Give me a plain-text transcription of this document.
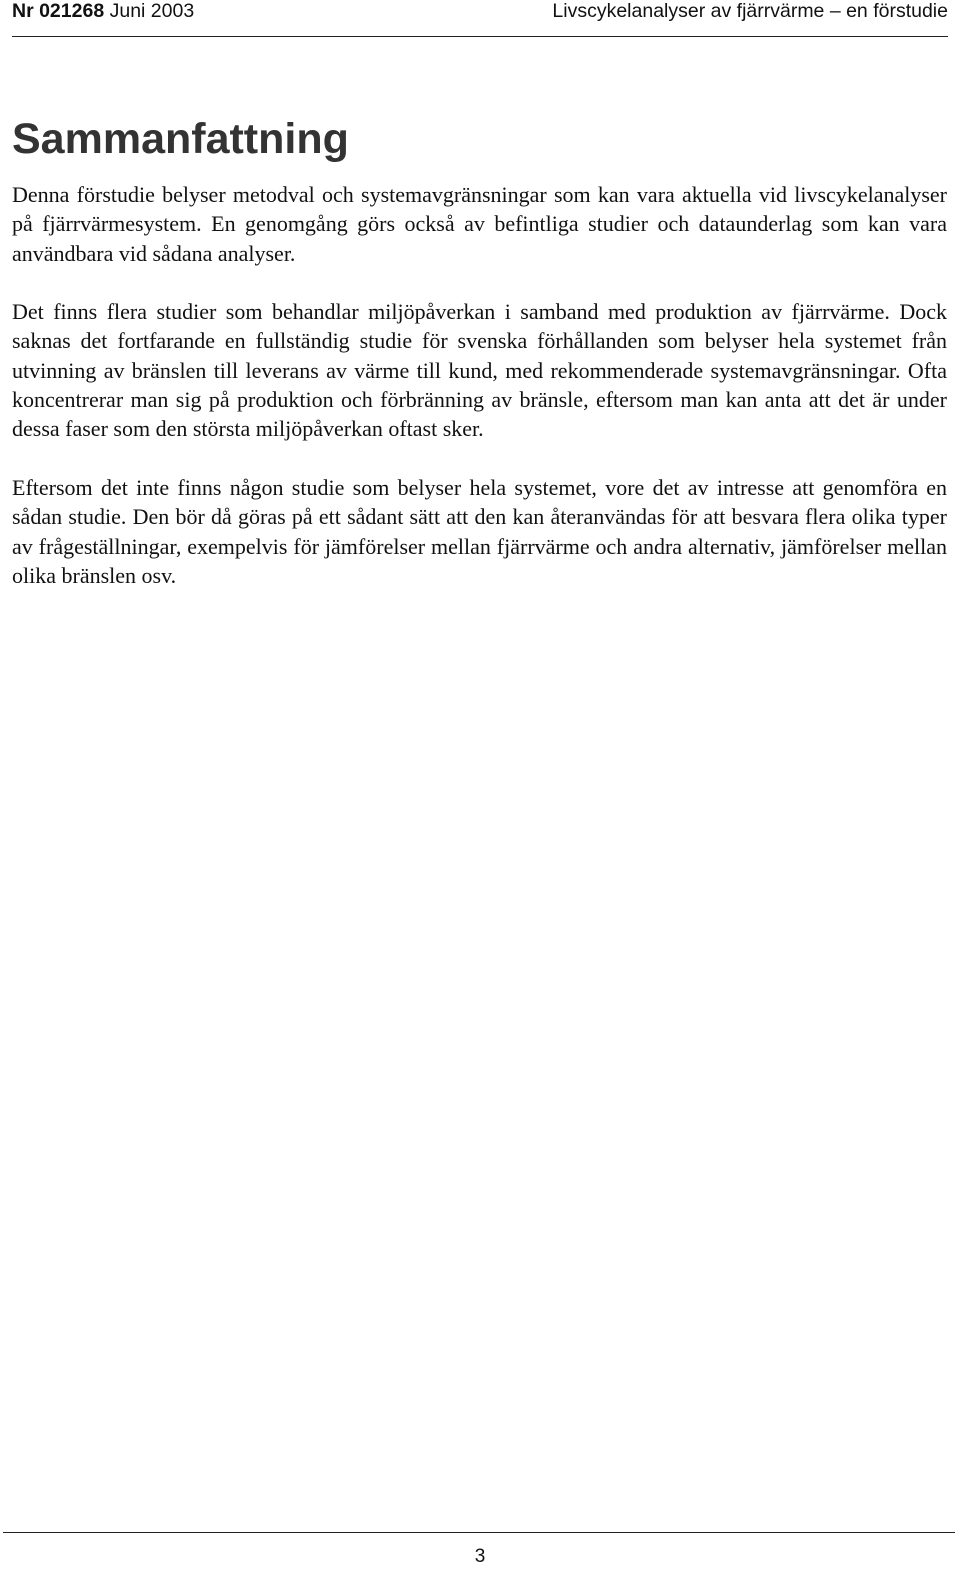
Nr 021268 Juni 2003	Livscykelanalyser av fjärrvärme – en förstudie
Sammanfattning

Denna förstudie belyser metodval och systemavgränsningar som kan vara aktuella vid livscykelanalyser på fjärrvärmesystem. En genomgång görs också av befintliga studier och dataunderlag som kan vara användbara vid sådana analyser.

Det finns flera studier som behandlar miljöpåverkan i samband med produktion av fjärrvärme. Dock saknas det fortfarande en fullständig studie för svenska förhållanden som belyser hela systemet från utvinning av bränslen till leverans av värme till kund, med rekommenderade systemavgränsningar. Ofta koncentrerar man sig på produktion och förbränning av bränsle, eftersom man kan anta att det är under dessa faser som den största miljöpåverkan oftast sker.

Eftersom det inte finns någon studie som belyser hela systemet, vore det av intresse att genomföra en sådan studie. Den bör då göras på ett sådant sätt att den kan återanvändas för att besvara flera olika typer av frågeställningar, exempelvis för jämförelser mellan fjärrvärme och andra alternativ, jämförelser mellan olika bränslen osv.

3
